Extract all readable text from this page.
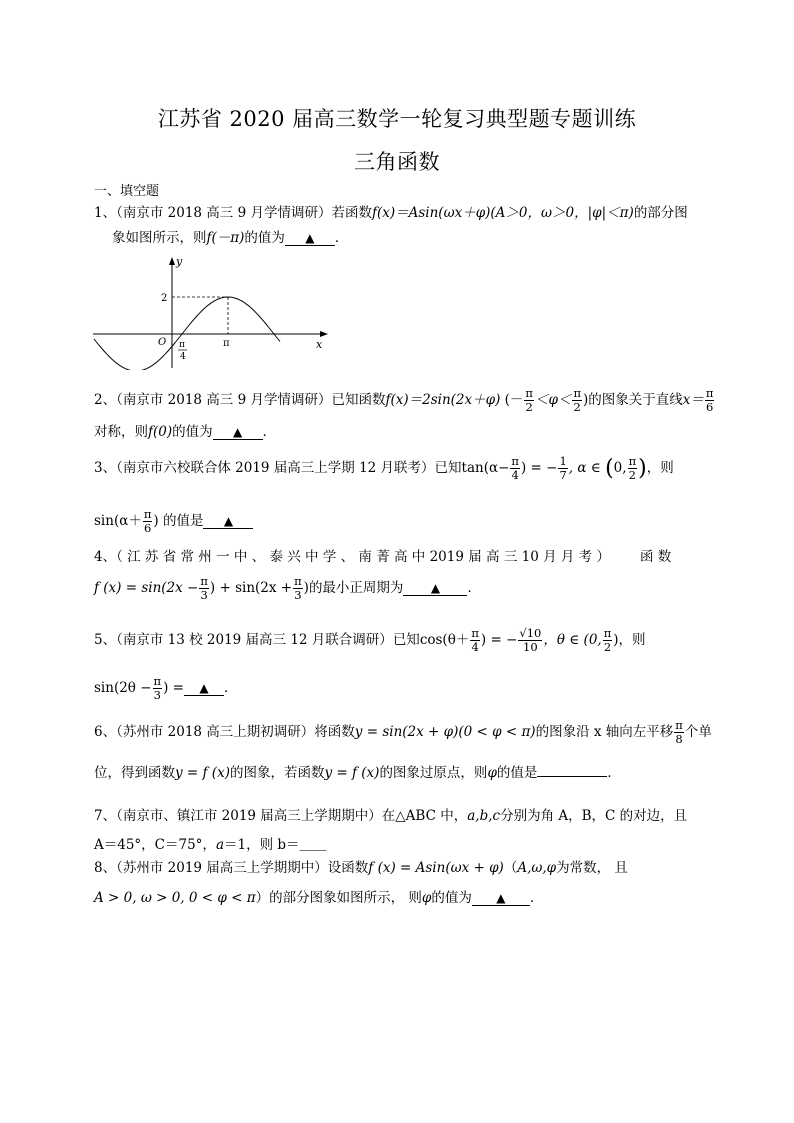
江苏省 2020 届高三数学一轮复习典型题专题训练
三角函数
一、填空题
1、（南京市 2018 高三 9 月学情调研）若函数f(x)＝Asin(ωx＋φ)(A＞0，ω＞0，|φ|＜π)的部分图
象如图所示，则f(－π)的值为 ▲ ．
y
x
O
2
π
π
4
2、（南京市 2018 高三 9 月学情调研）已知函数f(x)＝2sin(2x＋φ) (－ $\frac{\pi}{2} <\varphi< \frac{\pi}{2}$ )的图象关于直线$x= \frac{\pi}{6}$
对称，则f(0)的值为 ▲ ．
3、（南京市六校联合体 2019 届高三上学期 12 月联考）已知$\tan(\alpha- \frac{\pi}{4}$ ) = − $\frac{1}{7}$ , α ∈ (0, $\frac{\pi}{2}$ )，则
$\sin(\alpha+ \frac{\pi}{6}$ ) 的值是 ▲
4、（ 江 苏 省 常 州 一 中 、 泰 兴 中 学 、 南 菁 高 中 2019 届 高 三 10 月 月 考 ） 函 数
f $(x) = \sin(2x - \frac{\pi}{3}$ ) + $\sin(2x + \frac{\pi}{3}$ )的最小正周期为 ▲ ．
5、（南京市 13 校 2019 届高三 12 月联合调研）已知$\cos(\theta+ \frac{\pi}{4}$ ) = − $\frac{√10}{10}$ ，θ ∈ (0, $\frac{\pi}{2}$ )，则
$\sin(2\theta - \frac{\pi}{3}$ ) = ▲ ．
6、（苏州市 2018 高三上期初调研）将函数y = sin(2x + φ)(0 < φ < π)的图象沿 x 轴向左平移 $\frac{\pi}{8}$ 个单
位，得到函数y = f (x)的图象，若函数y = f (x)的图象过原点，则φ的值是	．
7、（南京市、镇江市 2019 届高三上学期期中）在△ABC 中，a,b,c分别为角 A，B，C 的对边，且
A＝45°，C＝75°，a＝1，则 b＝＿＿
8、（苏州市 2019 届高三上学期期中）设函数f (x) = Asin(ωx + φ)（A,ω,φ为常数， 且
A > 0, ω > 0, 0 < φ < π）的部分图象如图所示， 则φ的值为 ▲ ．
